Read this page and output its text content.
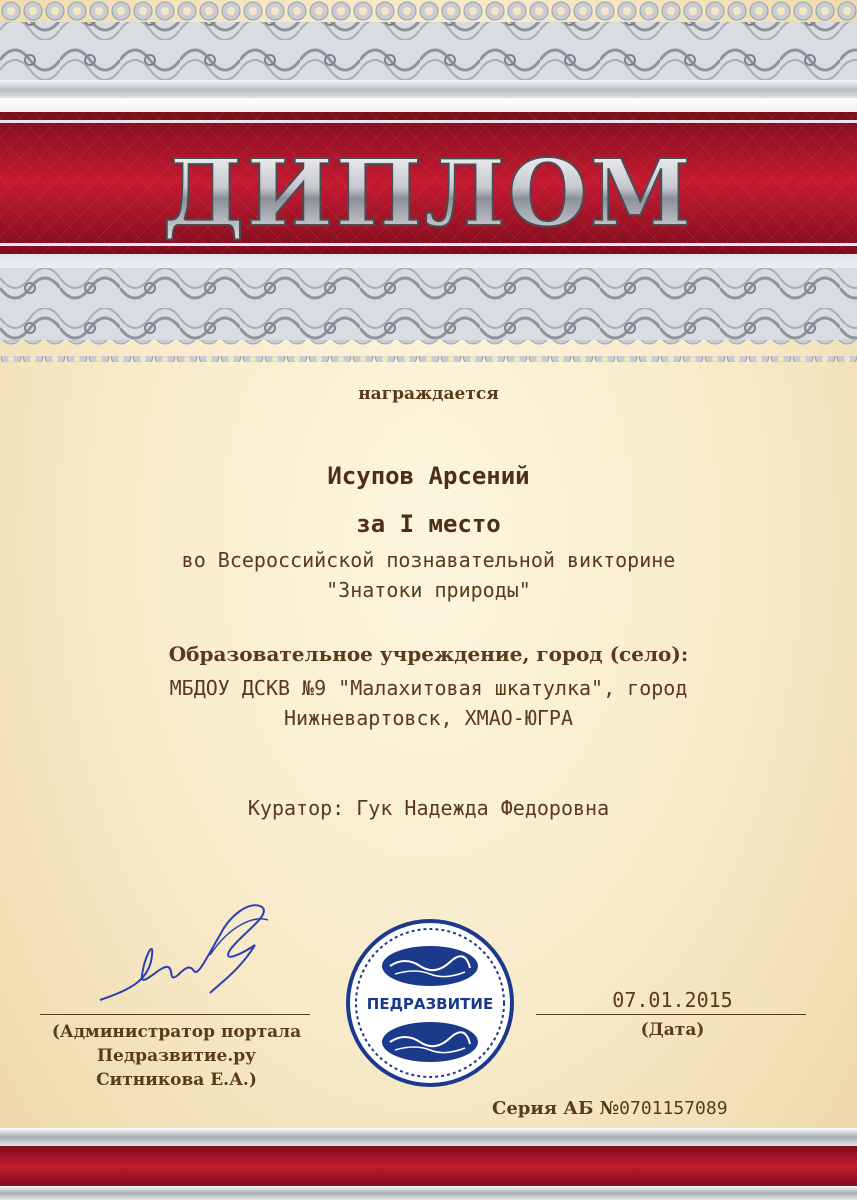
ДИПЛОМ
награждается
Исупов Арсений
за I место
во Всероссийской познавательной викторине
"Знатоки природы"
Образовательное учреждение, город (село):
МБДОУ ДСКВ №9 "Малахитовая шкатулка", город
Нижневартовск, ХМАО-ЮГРА
Куратор: Гук Надежда Федоровна
(Администратор портала
Педразвитие.ру
Ситникова Е.А.)
ПЕДРАЗВИТИЕ	07.01.2015
(Дата)
Серия АБ №0701157089
